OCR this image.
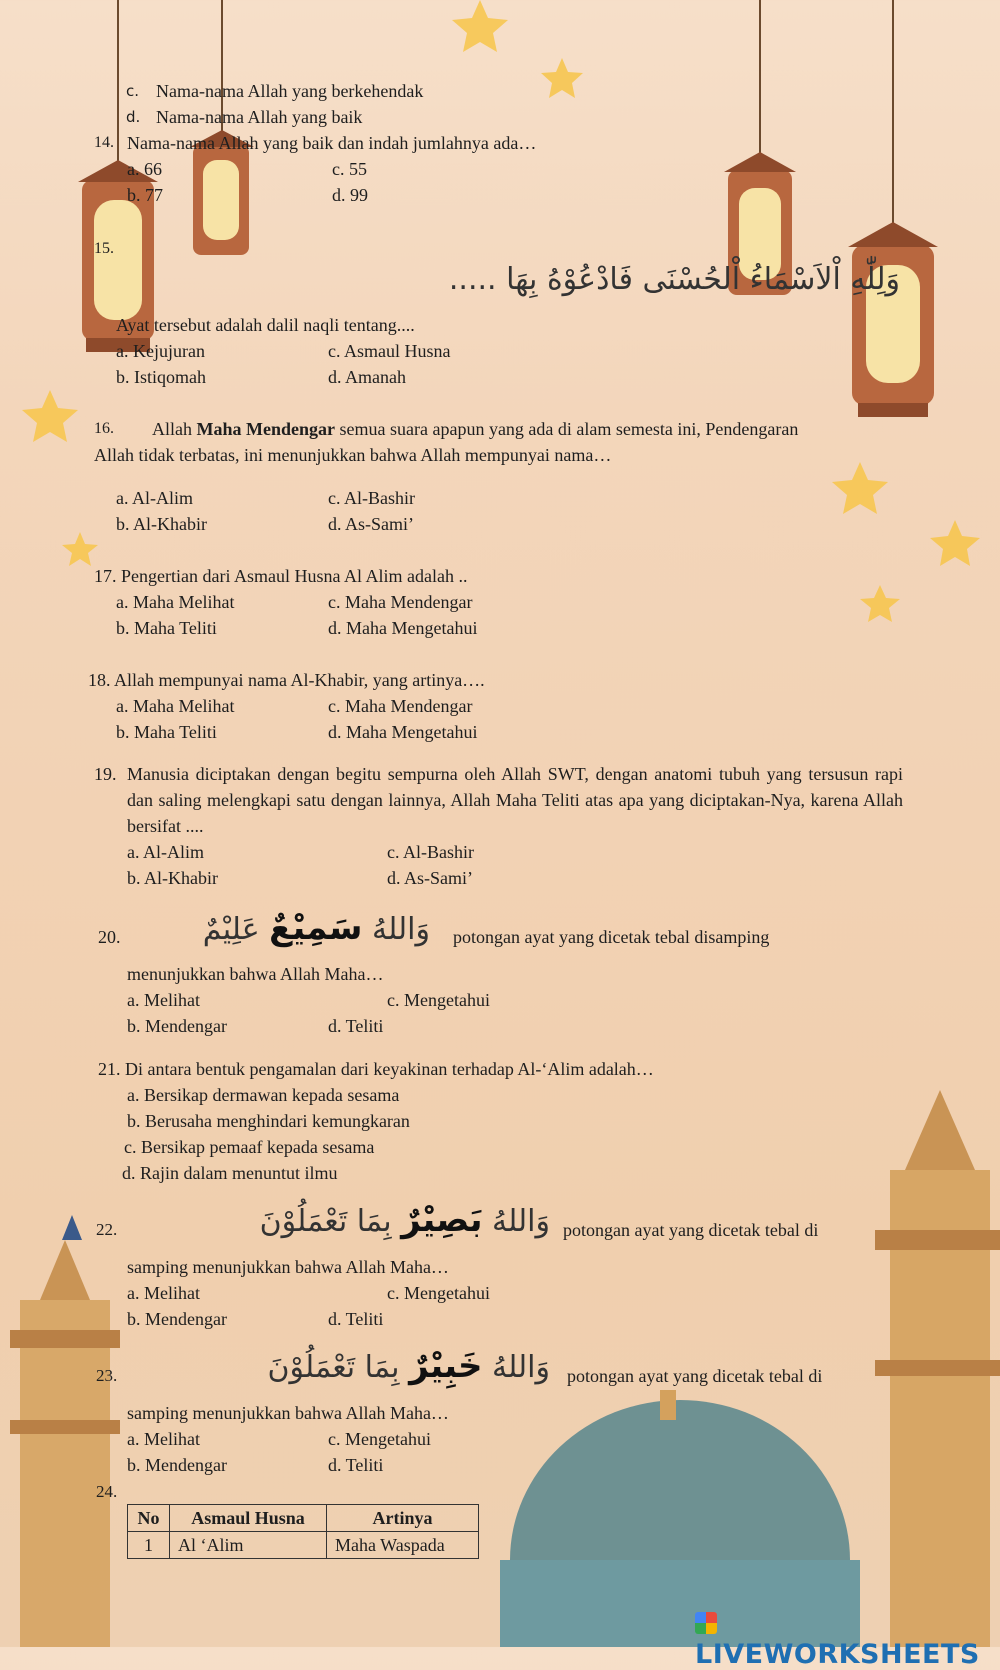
c. Nama-nama Allah yang berkehendak
d. Nama-nama Allah yang baik
14. Nama-nama Allah yang baik dan indah jumlahnya ada…
a. 66	c. 55
b. 77	d. 99
15.
وَلِلّٰهِ اْلاَسْمَاءُ اْلحُسْنَى فَادْعُوْهُ بِهَا .....
Ayat tersebut adalah dalil naqli tentang....
a. Kejujuran	c. Asmaul Husna
b. Istiqomah	d. Amanah
16. Allah Maha Mendengar semua suara apapun yang ada di alam semesta ini, Pendengaran
Allah tidak terbatas, ini menunjukkan bahwa Allah mempunyai nama…
a. Al-Alim	c. Al-Bashir
b. Al-Khabir	d. As-Sami’
17. Pengertian dari Asmaul Husna Al Alim adalah ..
a. Maha Melihat	c. Maha Mendengar
b. Maha Teliti	d. Maha Mengetahui
18. Allah mempunyai nama Al-Khabir, yang artinya….
a. Maha Melihat	c. Maha Mendengar
b. Maha Teliti	d. Maha Mengetahui
19. Manusia diciptakan dengan begitu sempurna oleh Allah SWT, dengan anatomi tubuh yang tersusun rapi dan saling melengkapi satu dengan lainnya, Allah Maha Teliti atas apa yang diciptakan-Nya, karena Allah bersifat ....
a. Al-Alim	c. Al-Bashir
b. Al-Khabir	d. As-Sami’
20.	وَاللهُ سَمِيْعٌ عَلِيْمٌ	potongan ayat yang dicetak tebal disamping
menunjukkan bahwa Allah Maha…
a. Melihat	c. Mengetahui
b. Mendengar	d. Teliti
21. Di antara bentuk pengamalan dari keyakinan terhadap Al-‘Alim adalah…
a. Bersikap dermawan kepada sesama
b. Berusaha menghindari kemungkaran
c. Bersikap pemaaf kepada sesama
d. Rajin dalam menuntut ilmu
22.	وَاللهُ بَصِيْرٌ بِمَا تَعْمَلُوْنَ	potongan ayat yang dicetak tebal di
samping menunjukkan bahwa Allah Maha…
a. Melihat	c. Mengetahui
b. Mendengar	d. Teliti
23.	وَاللهُ خَبِيْرٌ بِمَا تَعْمَلُوْنَ	potongan ayat yang dicetak tebal di
samping menunjukkan bahwa Allah Maha…
a. Melihat	c. Mengetahui
b. Mendengar	d. Teliti
24.
No	Asmaul Husna	Artinya
1	Al ‘Alim	Maha Waspada
LIVEWORKSHEETS
